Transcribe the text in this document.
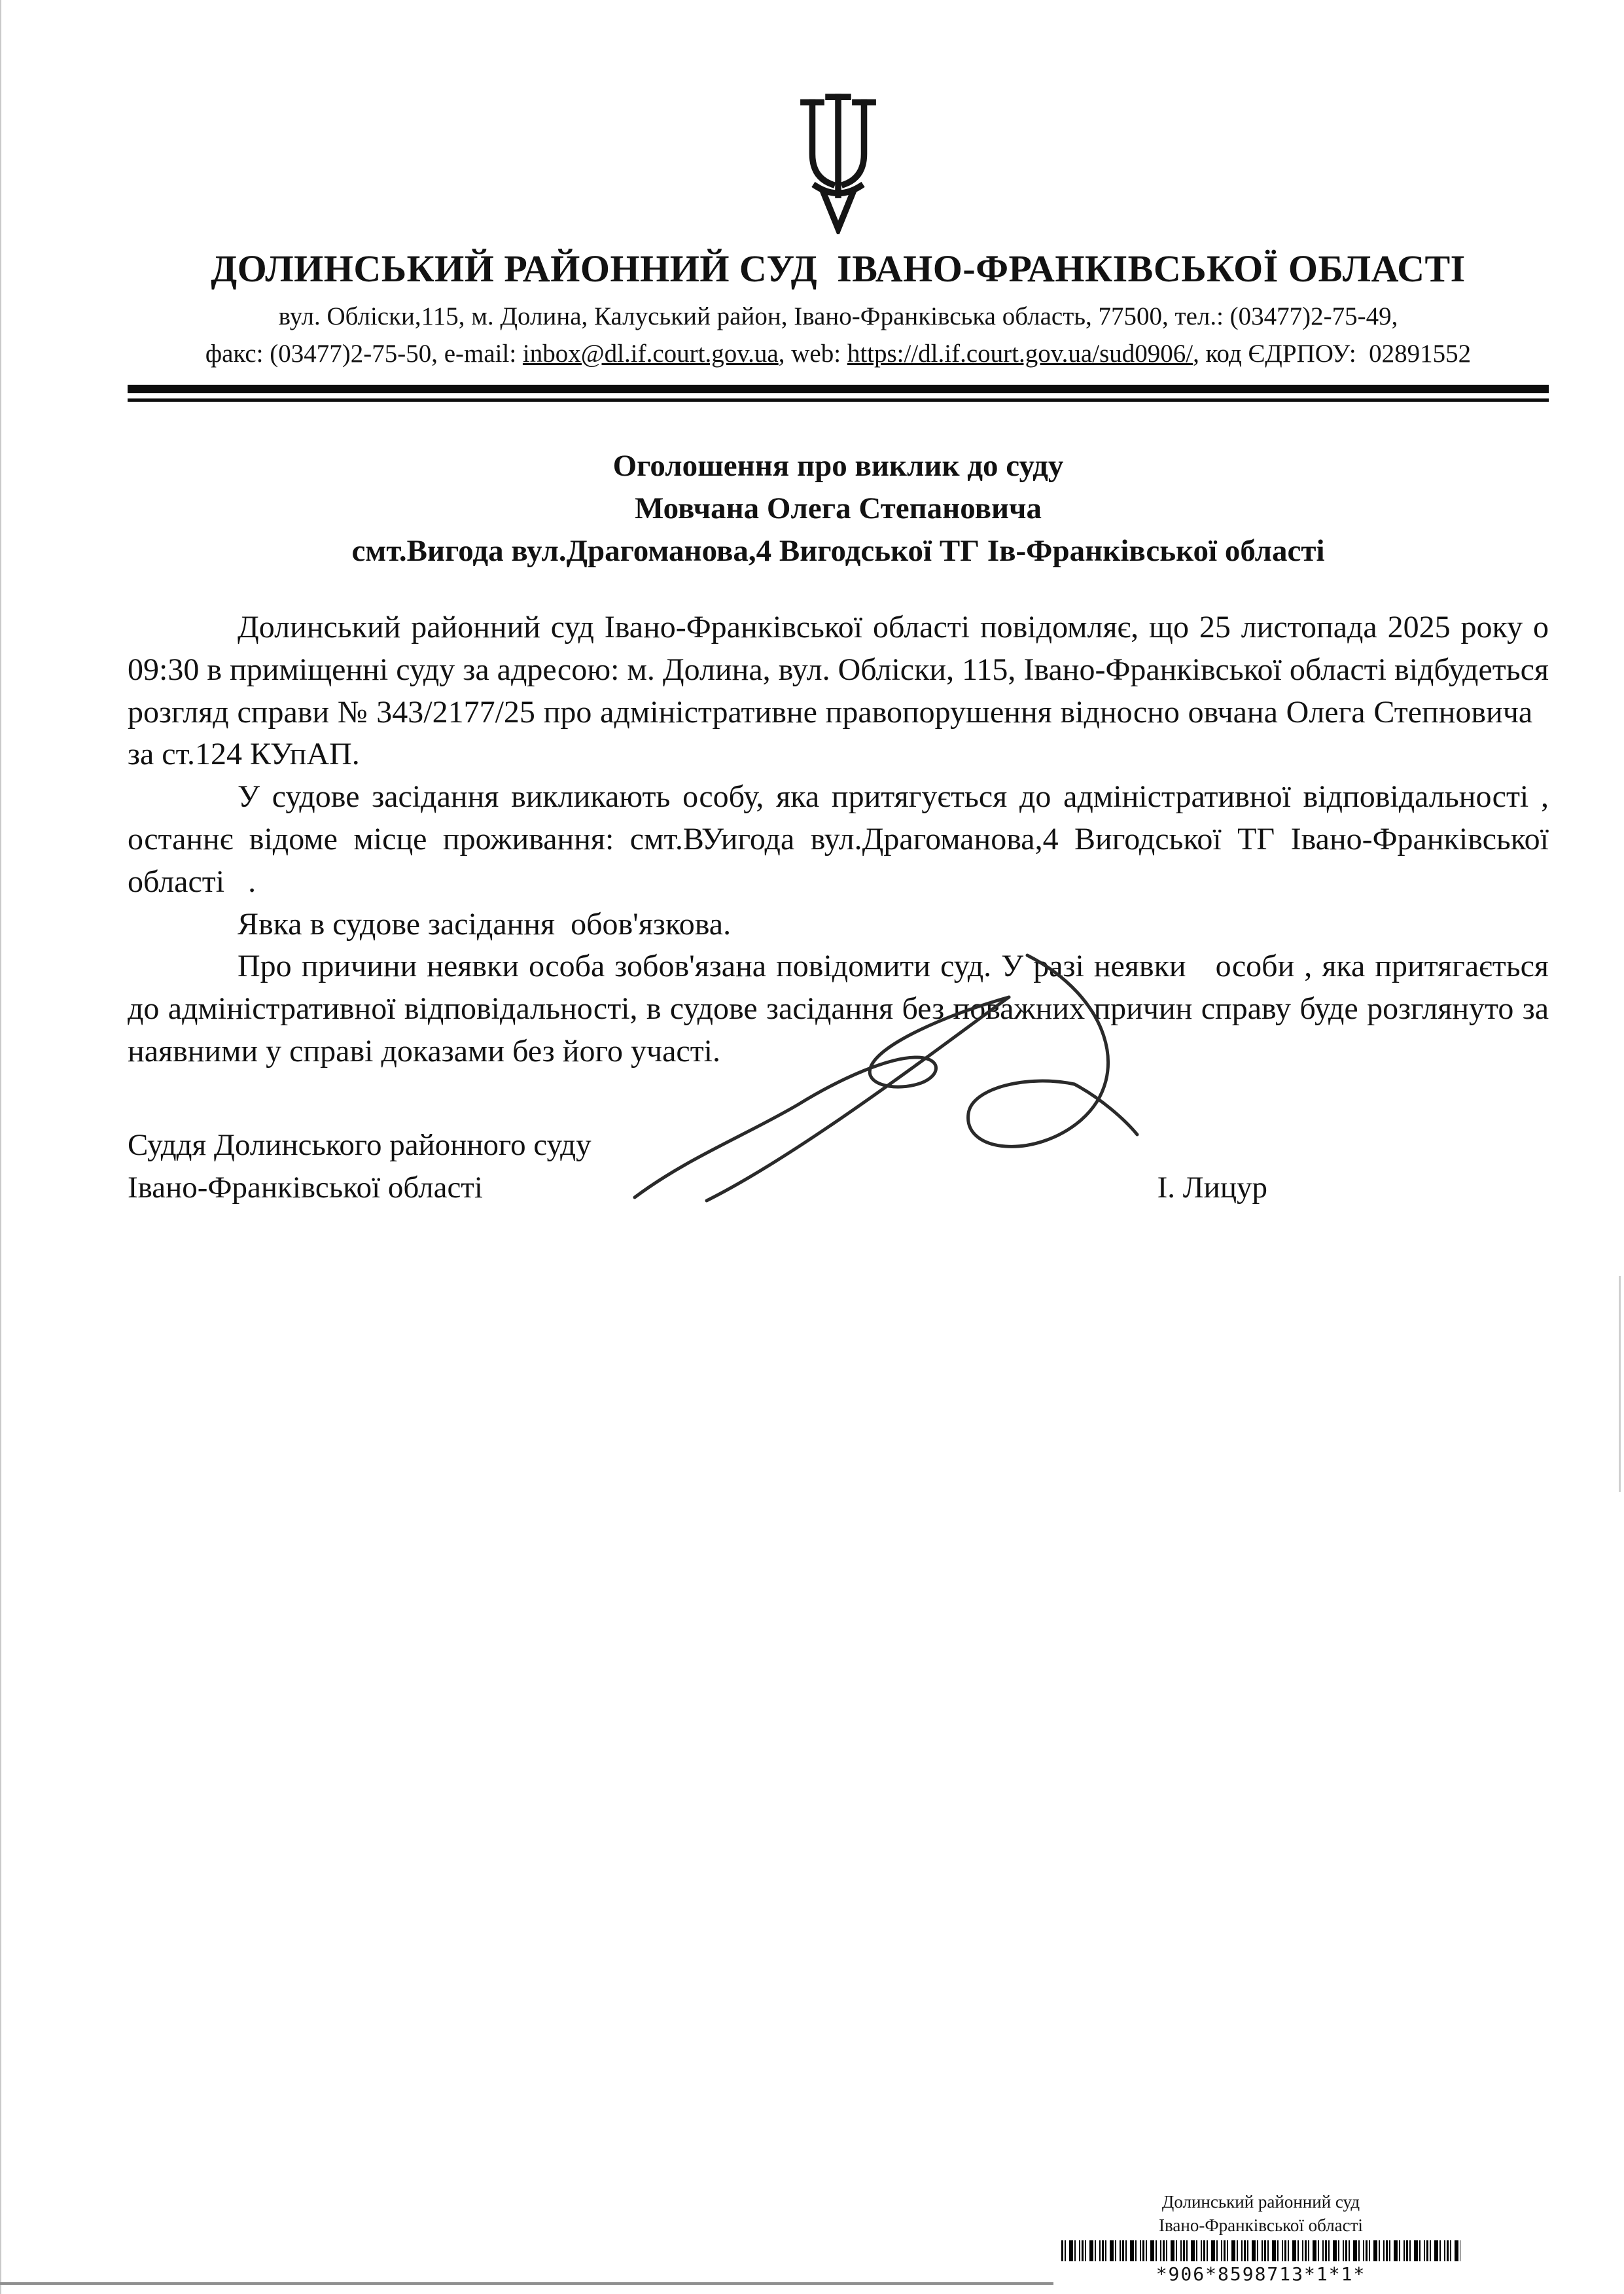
ДОЛИНСЬКИЙ РАЙОННИЙ СУД  ІВАНО-ФРАНКІВСЬКОЇ ОБЛАСТІ

вул. Обліски,115, м. Долина, Калуський район, Івано-Франківська область, 77500, тел.: (03477)2-75-49,

факс: (03477)2-75-50, e-mail: inbox@dl.if.court.gov.ua, web: https://dl.if.court.gov.ua/sud0906/, код ЄДРПОУ:  02891552

Оголошення про виклик до суду
Мовчана Олега Степановича
смт.Вигода вул.Драгоманова,4 Вигодської ТГ Ів-Франківської області

Долинський районний суд Івано-Франківської області повідомляє, що 25 листопада 2025 року о 09:30 в приміщенні суду за адресою: м. Долина, вул. Обліски, 115, Івано-Франківської області відбудеться розгляд справи № 343/2177/25 про адміністративне правопорушення відносно овчана Олега Степновича   за ст.124 КУпАП.

У судове засідання викликають особу, яка притягується до адміністративної відповідальності , останнє відоме місце проживання: смт.ВУигода вул.Драгоманова,4 Вигодської ТГ Івано-Франківської області   .

Явка в судове засідання  обов'язкова.

Про причини неявки особа зобов'язана повідомити суд. У разі неявки   особи , яка притягається до адміністративної відповідальності, в судове засідання без поважних причин справу буде розглянуто за наявними у справі доказами без його участі.

Суддя Долинського районного суду
Івано-Франківської області	І. Лицур
Долинський районний суд
Івано-Франківської області
*906*8598713*1*1*
